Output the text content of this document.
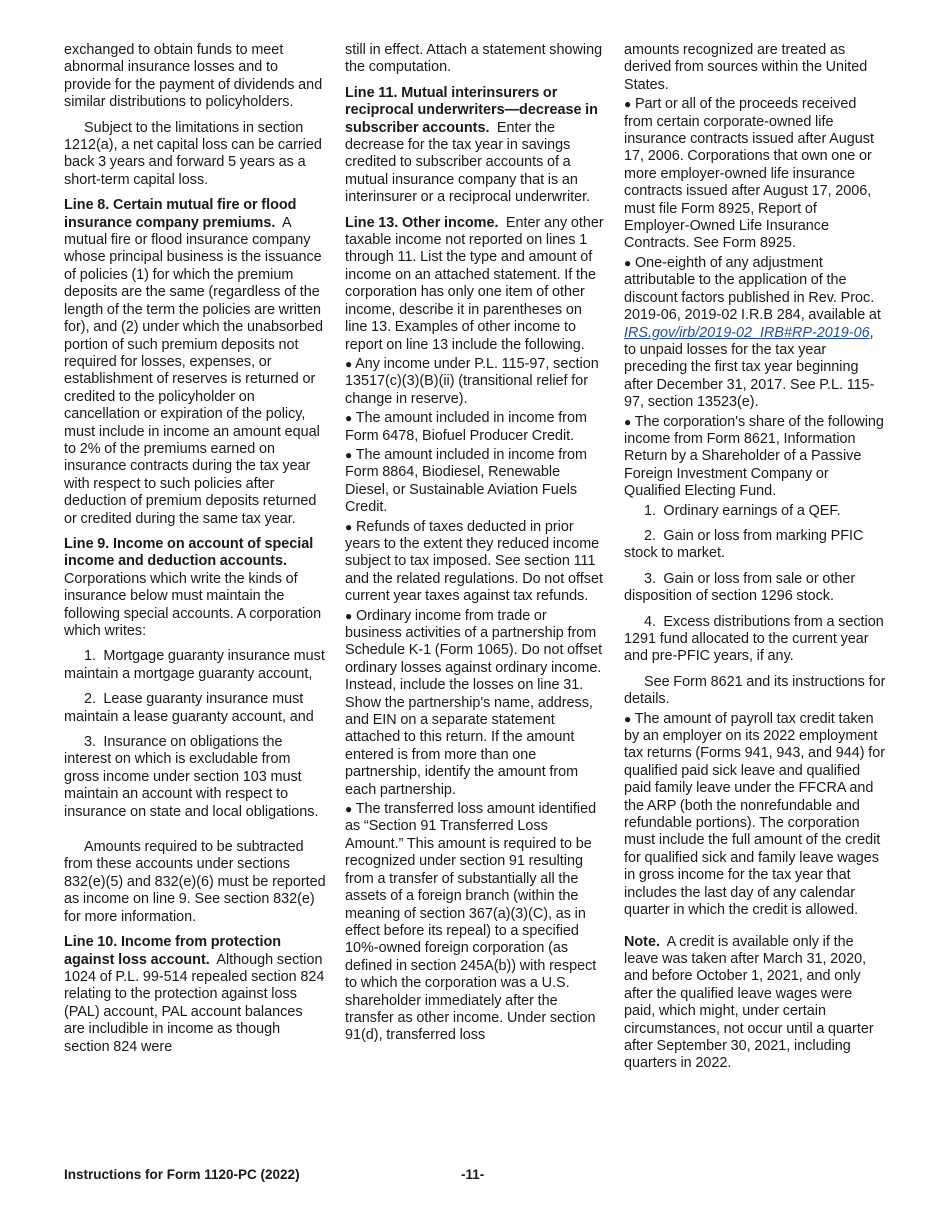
exchanged to obtain funds to meet abnormal insurance losses and to provide for the payment of dividends and similar distributions to policyholders.

Subject to the limitations in section 1212(a), a net capital loss can be carried back 3 years and forward 5 years as a short-term capital loss.

Line 8. Certain mutual fire or flood insurance company premiums. A mutual fire or flood insurance company whose principal business is the issuance of policies (1) for which the premium deposits are the same (regardless of the length of the term the policies are written for), and (2) under which the unabsorbed portion of such premium deposits not required for losses, expenses, or establishment of reserves is returned or credited to the policyholder on cancellation or expiration of the policy, must include in income an amount equal to 2% of the premiums earned on insurance contracts during the tax year with respect to such policies after deduction of premium deposits returned or credited during the same tax year.

Line 9. Income on account of special income and deduction accounts.  Corporations which write the kinds of insurance below must maintain the following special accounts. A corporation which writes:

1.  Mortgage guaranty insurance must maintain a mortgage guaranty account,

2.  Lease guaranty insurance must maintain a lease guaranty account, and

3.  Insurance on obligations the interest on which is excludable from gross income under section 103 must maintain an account with respect to insurance on state and local obligations.

Amounts required to be subtracted from these accounts under sections 832(e)(5) and 832(e)(6) must be reported as income on line 9. See section 832(e) for more information.

Line 10. Income from protection against loss account. Although section 1024 of P.L. 99-514 repealed section 824 relating to the protection against loss (PAL) account, PAL account balances are includible in income as though section 824 were

still in effect. Attach a statement showing the computation.

Line 11. Mutual interinsurers or reciprocal underwriters—decrease in subscriber accounts. Enter the decrease for the tax year in savings credited to subscriber accounts of a mutual insurance company that is an interinsurer or a reciprocal underwriter.

Line 13. Other income. Enter any other taxable income not reported on lines 1 through 11. List the type and amount of income on an attached statement. If the corporation has only one item of other income, describe it in parentheses on line 13. Examples of other income to report on line 13 include the following.

● Any income under P.L. 115-97, section 13517(c)(3)(B)(ii) (transitional relief for change in reserve).

● The amount included in income from Form 6478, Biofuel Producer Credit.

● The amount included in income from Form 8864, Biodiesel, Renewable Diesel, or Sustainable Aviation Fuels Credit.

● Refunds of taxes deducted in prior years to the extent they reduced income subject to tax imposed. See section 111 and the related regulations. Do not offset current year taxes against tax refunds.

● Ordinary income from trade or business activities of a partnership from Schedule K-1 (Form 1065). Do not offset ordinary losses against ordinary income. Instead, include the losses on line 31. Show the partnership's name, address, and EIN on a separate statement attached to this return. If the amount entered is from more than one partnership, identify the amount from each partnership.

● The transferred loss amount identified as “Section 91 Transferred Loss Amount.” This amount is required to be recognized under section 91 resulting from a transfer of substantially all the assets of a foreign branch (within the meaning of section 367(a)(3)(C), as in effect before its repeal) to a specified 10%-owned foreign corporation (as defined in section 245A(b)) with respect to which the corporation was a U.S. shareholder immediately after the transfer as other income. Under section 91(d), transferred loss

amounts recognized are treated as derived from sources within the United States.

● Part or all of the proceeds received from certain corporate-owned life insurance contracts issued after August 17, 2006. Corporations that own one or more employer-owned life insurance contracts issued after August 17, 2006, must file Form 8925, Report of Employer-Owned Life Insurance Contracts. See Form 8925.

● One-eighth of any adjustment attributable to the application of the discount factors published in Rev. Proc. 2019-06, 2019-02 I.R.B 284, available at IRS.gov/irb/2019-02_IRB#RP-2019-06, to unpaid losses for the tax year preceding the first tax year beginning after December 31, 2017. See P.L. 115-97, section 13523(e).

● The corporation's share of the following income from Form 8621, Information Return by a Shareholder of a Passive Foreign Investment Company or Qualified Electing Fund.

1.  Ordinary earnings of a QEF.

2.  Gain or loss from marking PFIC stock to market.

3.  Gain or loss from sale or other disposition of section 1296 stock.

4.  Excess distributions from a section 1291 fund allocated to the current year and pre-PFIC years, if any.

See Form 8621 and its instructions for details.

● The amount of payroll tax credit taken by an employer on its 2022 employment tax returns (Forms 941, 943, and 944) for qualified paid sick leave and qualified paid family leave under the FFCRA and the ARP (both the nonrefundable and refundable portions). The corporation must include the full amount of the credit for qualified sick and family leave wages in gross income for the tax year that includes the last day of any calendar quarter in which the credit is allowed.

Note. A credit is available only if the leave was taken after March 31, 2020, and before October 1, 2021, and only after the qualified leave wages were paid, which might, under certain circumstances, not occur until a quarter after September 30, 2021, including quarters in 2022.

Instructions for Form 1120-PC (2022)	-11-
